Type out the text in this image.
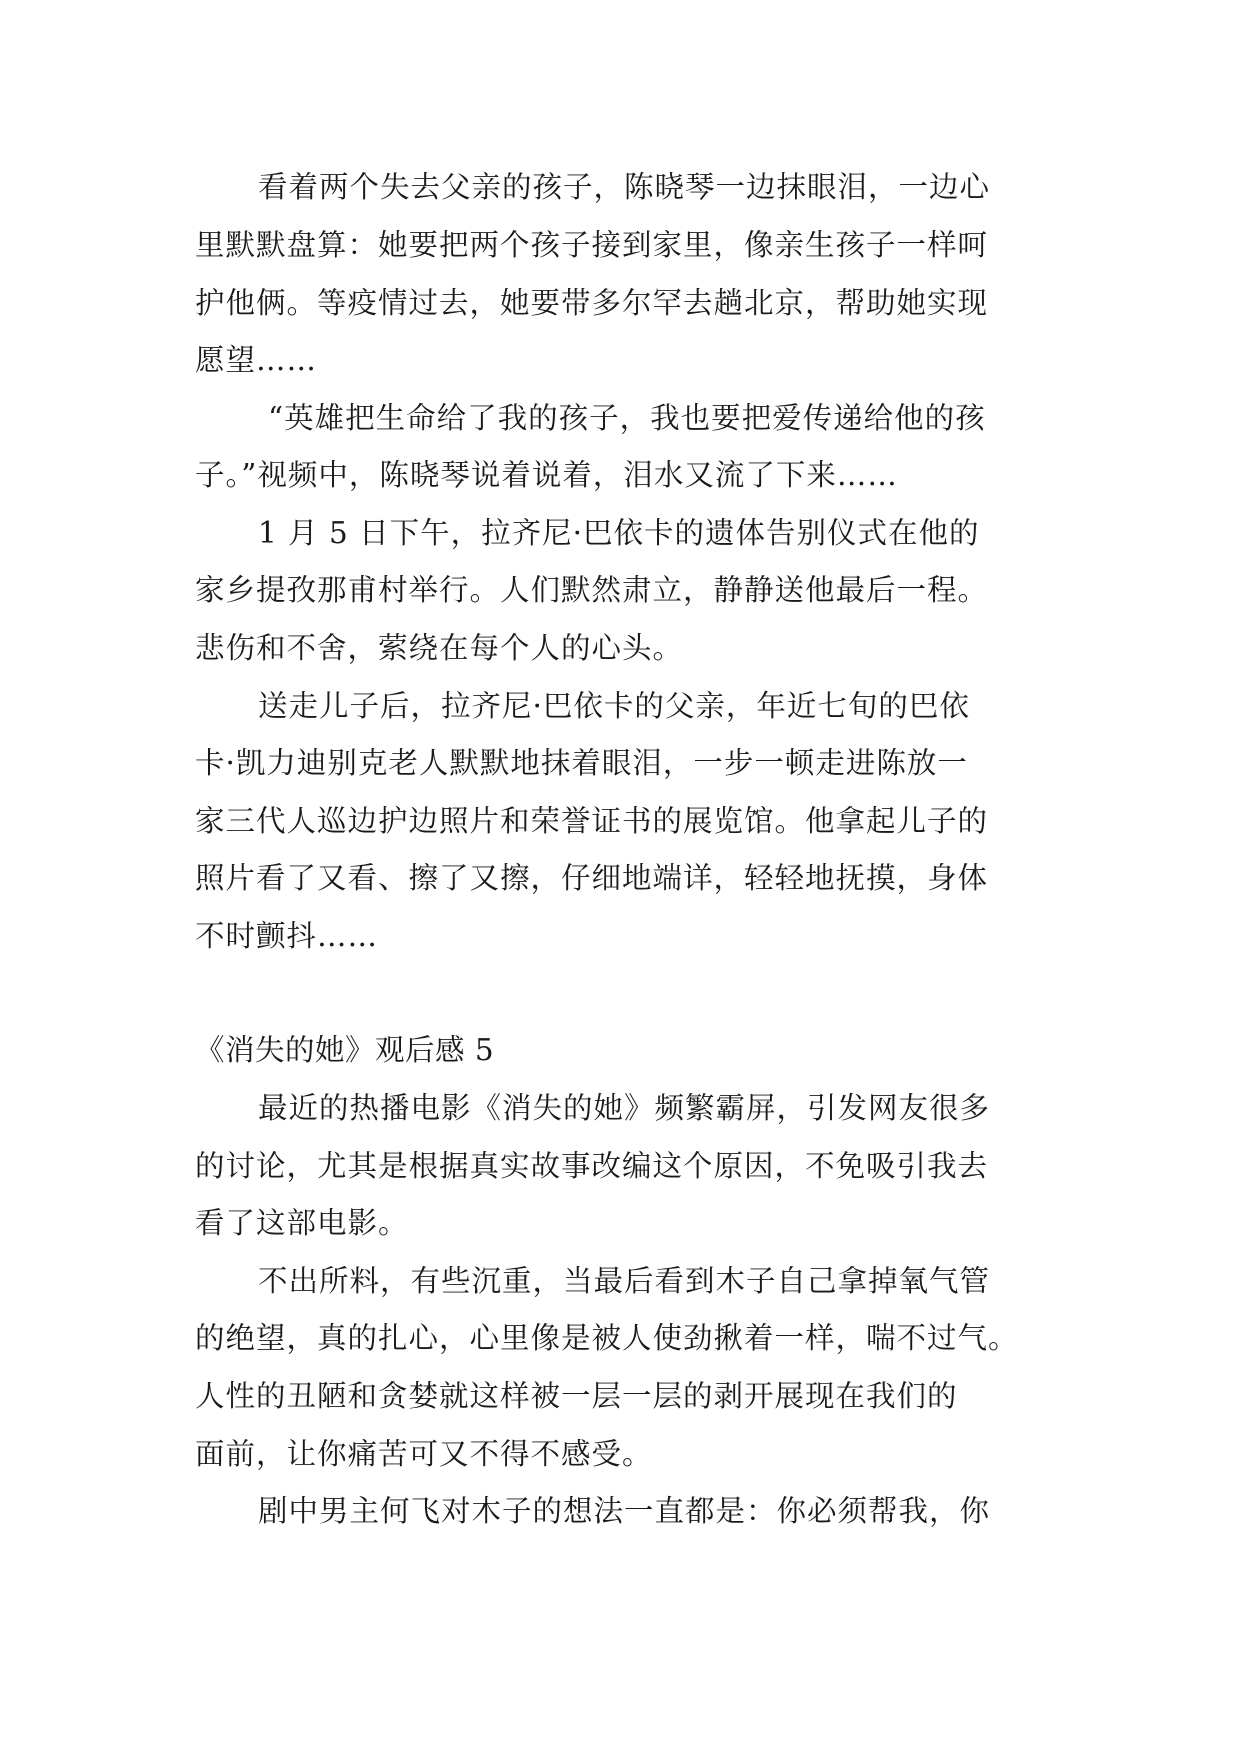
看着两个失去父亲的孩子，陈晓琴一边抹眼泪，一边心
里默默盘算：她要把两个孩子接到家里，像亲生孩子一样呵
护他俩。等疫情过去，她要带多尔罕去趟北京，帮助她实现
愿望……
“英雄把生命给了我的孩子，我也要把爱传递给他的孩
子。”视频中，陈晓琴说着说着，泪水又流了下来……
1 月 5 日下午，拉齐尼·巴依卡的遗体告别仪式在他的
家乡提孜那甫村举行。人们默然肃立，静静送他最后一程。
悲伤和不舍，萦绕在每个人的心头。
送走儿子后，拉齐尼·巴依卡的父亲，年近七旬的巴依
卡·凯力迪别克老人默默地抹着眼泪，一步一顿走进陈放一
家三代人巡边护边照片和荣誉证书的展览馆。他拿起儿子的
照片看了又看、擦了又擦，仔细地端详，轻轻地抚摸，身体
不时颤抖……
《消失的她》观后感 5
最近的热播电影《消失的她》频繁霸屏，引发网友很多
的讨论，尤其是根据真实故事改编这个原因，不免吸引我去
看了这部电影。
不出所料，有些沉重，当最后看到木子自己拿掉氧气管
的绝望，真的扎心，心里像是被人使劲揪着一样，喘不过气。
人性的丑陋和贪婪就这样被一层一层的剥开展现在我们的
面前，让你痛苦可又不得不感受。
剧中男主何飞对木子的想法一直都是：你必须帮我，你
